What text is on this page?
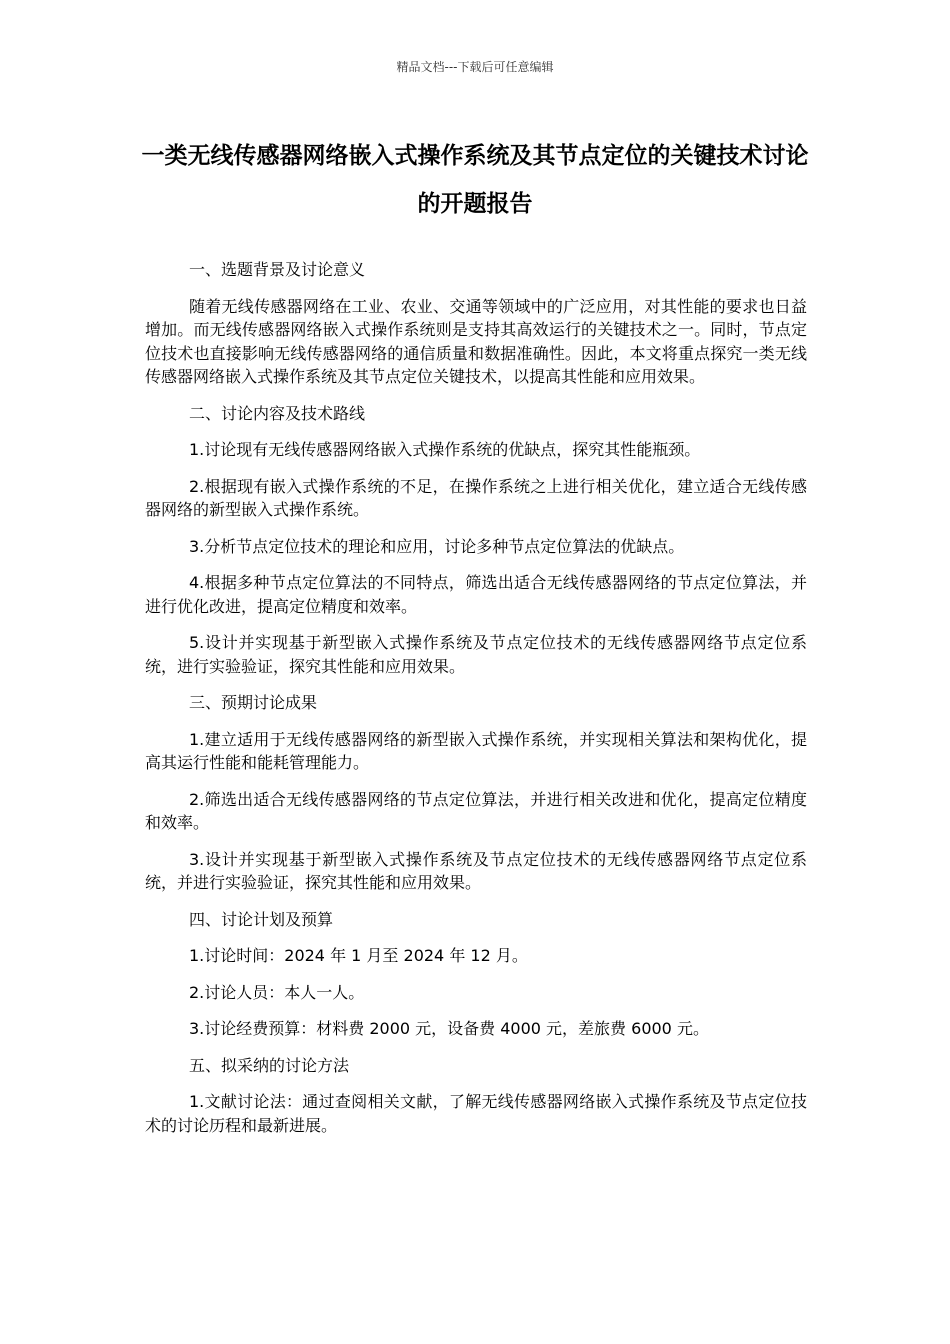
精品文档---下载后可任意编辑
一类无线传感器网络嵌入式操作系统及其节点定位的关键技术讨论的开题报告

一、选题背景及讨论意义

随着无线传感器网络在工业、农业、交通等领域中的广泛应用，对其性能的要求也日益增加。而无线传感器网络嵌入式操作系统则是支持其高效运行的关键技术之一。同时，节点定位技术也直接影响无线传感器网络的通信质量和数据准确性。因此，本文将重点探究一类无线传感器网络嵌入式操作系统及其节点定位关键技术，以提高其性能和应用效果。

二、讨论内容及技术路线

1.讨论现有无线传感器网络嵌入式操作系统的优缺点，探究其性能瓶颈。

2.根据现有嵌入式操作系统的不足，在操作系统之上进行相关优化，建立适合无线传感器网络的新型嵌入式操作系统。

3.分析节点定位技术的理论和应用，讨论多种节点定位算法的优缺点。

4.根据多种节点定位算法的不同特点，筛选出适合无线传感器网络的节点定位算法，并进行优化改进，提高定位精度和效率。

5.设计并实现基于新型嵌入式操作系统及节点定位技术的无线传感器网络节点定位系统，进行实验验证，探究其性能和应用效果。

三、预期讨论成果

1.建立适用于无线传感器网络的新型嵌入式操作系统，并实现相关算法和架构优化，提高其运行性能和能耗管理能力。

2.筛选出适合无线传感器网络的节点定位算法，并进行相关改进和优化，提高定位精度和效率。

3.设计并实现基于新型嵌入式操作系统及节点定位技术的无线传感器网络节点定位系统，并进行实验验证，探究其性能和应用效果。

四、讨论计划及预算

1.讨论时间：2024 年 1 月至 2024 年 12 月。

2.讨论人员：本人一人。

3.讨论经费预算：材料费 2000 元，设备费 4000 元，差旅费 6000 元。

五、拟采纳的讨论方法

1.文献讨论法：通过查阅相关文献，了解无线传感器网络嵌入式操作系统及节点定位技术的讨论历程和最新进展。
